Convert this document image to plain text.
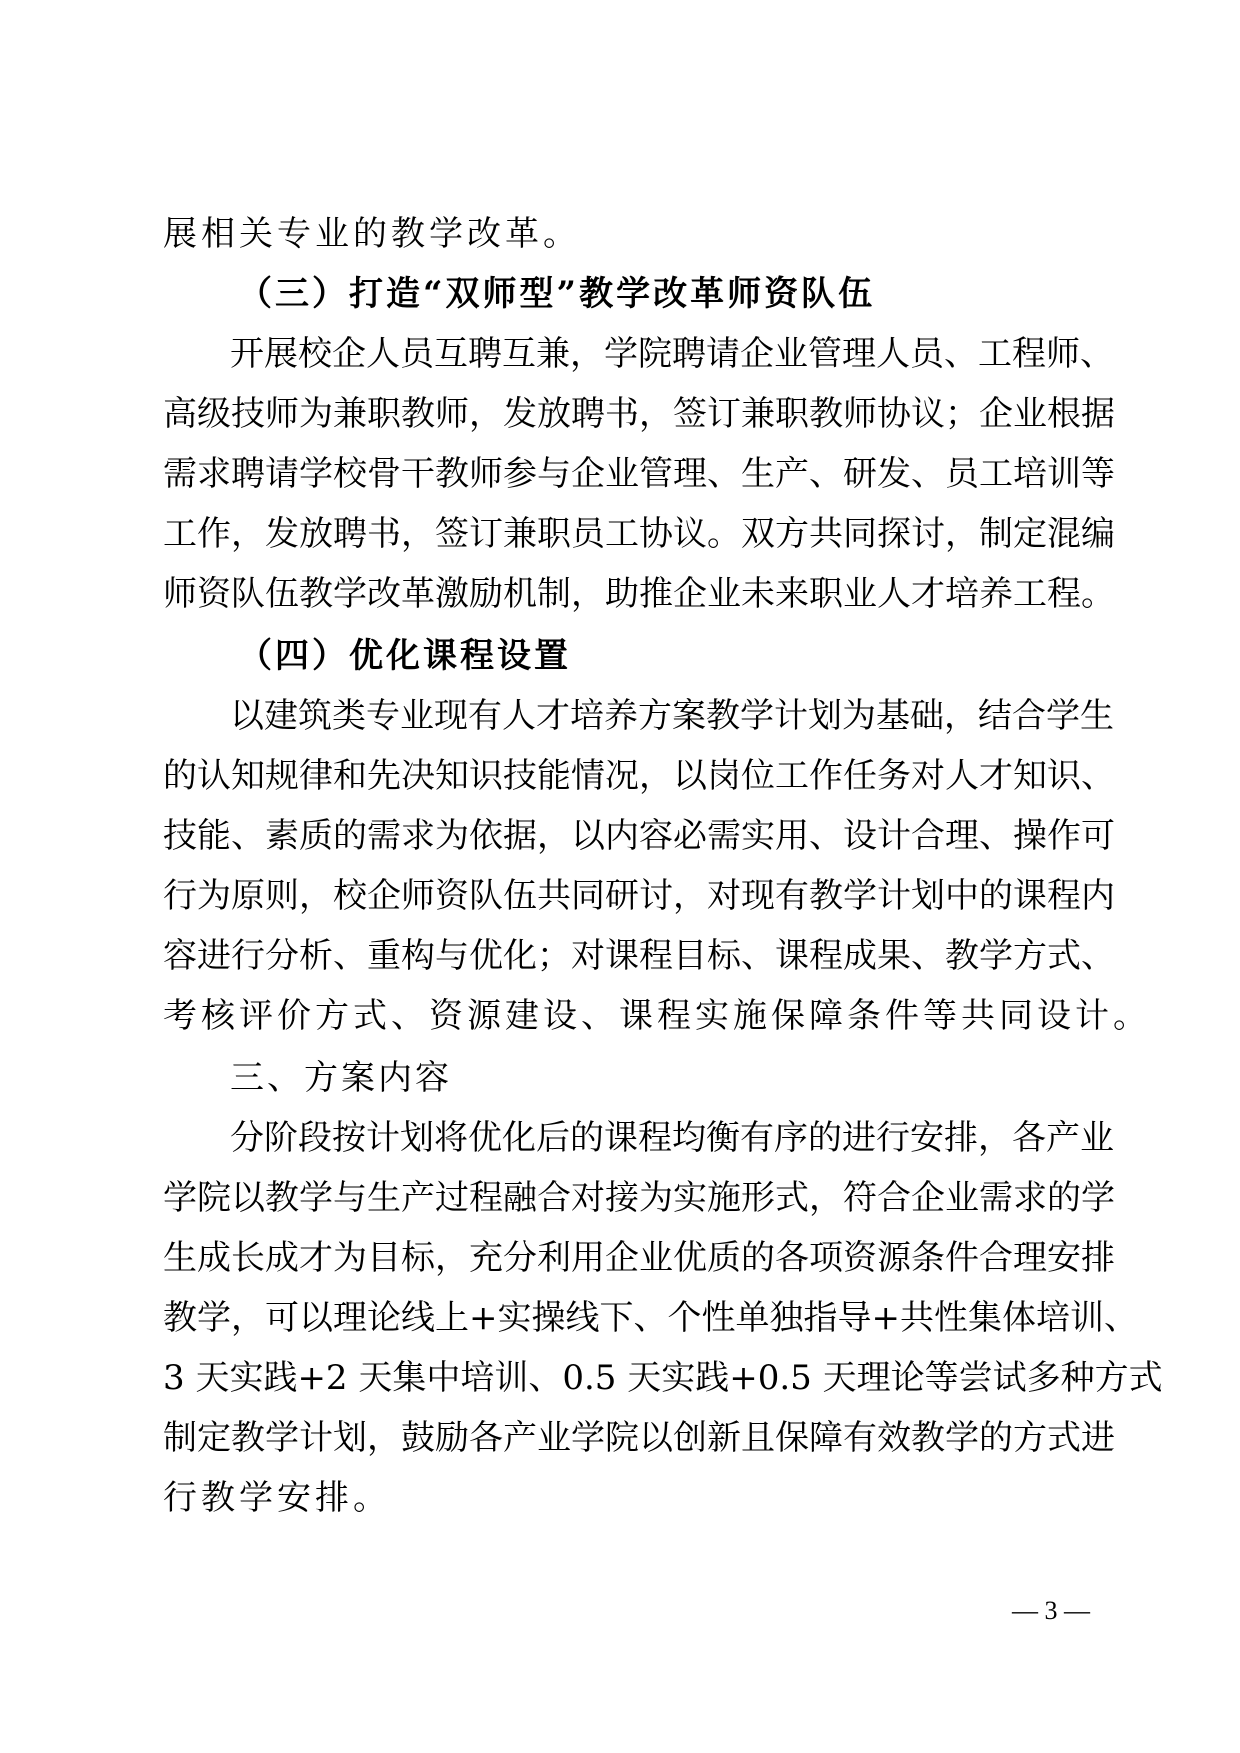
展相关专业的教学改革。
（三）打造“双师型”教学改革师资队伍
开展校企人员互聘互兼，学院聘请企业管理人员、工程师、
高级技师为兼职教师，发放聘书，签订兼职教师协议；企业根据
需求聘请学校骨干教师参与企业管理、生产、研发、员工培训等
工作，发放聘书，签订兼职员工协议。双方共同探讨，制定混编
师资队伍教学改革激励机制，助推企业未来职业人才培养工程。
（四）优化课程设置
以建筑类专业现有人才培养方案教学计划为基础，结合学生
的认知规律和先决知识技能情况，以岗位工作任务对人才知识、
技能、素质的需求为依据，以内容必需实用、设计合理、操作可
行为原则，校企师资队伍共同研讨，对现有教学计划中的课程内
容进行分析、重构与优化；对课程目标、课程成果、教学方式、
考核评价方式、资源建设、课程实施保障条件等共同设计。
三、方案内容
分阶段按计划将优化后的课程均衡有序的进行安排，各产业
学院以教学与生产过程融合对接为实施形式，符合企业需求的学
生成长成才为目标，充分利用企业优质的各项资源条件合理安排
教学，可以理论线上+实操线下、个性单独指导+共性集体培训、
3 天实践+2 天集中培训、0.5 天实践+0.5 天理论等尝试多种方式
制定教学计划，鼓励各产业学院以创新且保障有效教学的方式进
行教学安排。
— 3 —
